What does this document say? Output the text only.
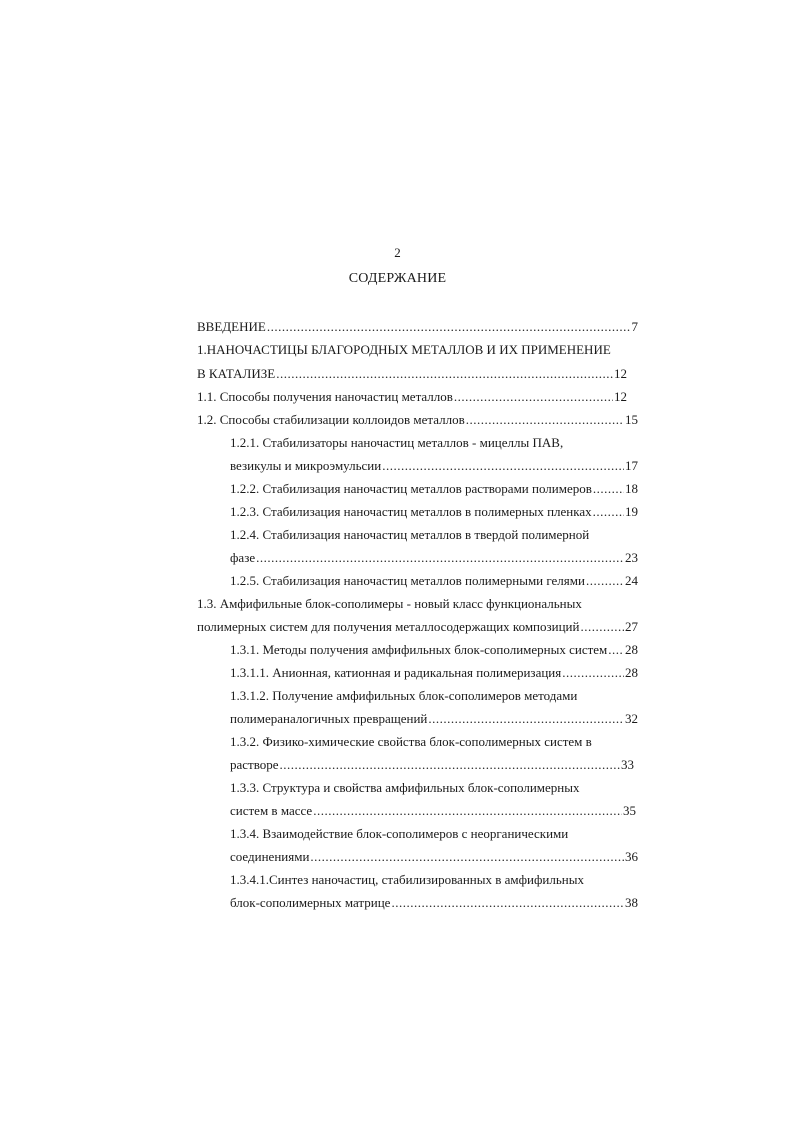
2
СОДЕРЖАНИЕ
ВВЕДЕНИЕ .....	7
1.НАНОЧАСТИЦЫ БЛАГОРОДНЫХ МЕТАЛЛОВ И ИХ ПРИМЕНЕНИЕ
В КАТАЛИЗЕ .....	12
1.1. Способы получения наночастиц металлов .....	12
1.2. Способы стабилизации коллоидов металлов .....	15
1.2.1. Стабилизаторы наночастиц металлов - мицеллы ПАВ,
везикулы и микроэмульсии .....	17
1.2.2. Стабилизация наночастиц металлов растворами полимеров .....	18
1.2.3. Стабилизация наночастиц металлов в полимерных пленках .....	19
1.2.4. Стабилизация наночастиц металлов в твердой полимерной
фазе .....	23
1.2.5. Стабилизация наночастиц металлов полимерными гелями .....	24
1.3. Амфифильные блок-сополимеры - новый класс функциональных
полимерных систем для получения металлосодержащих композиций .....	27
1.3.1. Методы получения амфифильных блок-сополимерных систем ..... 28
1.3.1.1. Анионная, катионная и радикальная полимеризация .....	28
1.3.1.2. Получение амфифильных блок-сополимеров методами
полимераналогичных превращений .....	32
1.3.2. Физико-химические свойства блок-сополимерных систем в
растворе .....	33
1.3.3. Структура и свойства амфифильных блок-сополимерных
систем в массе .....	35
1.3.4. Взаимодействие блок-сополимеров с неорганическими
соединениями .....	36
1.3.4.1.Синтез наночастиц, стабилизированных в амфифильных
блок-сополимерных матрице .....	38
